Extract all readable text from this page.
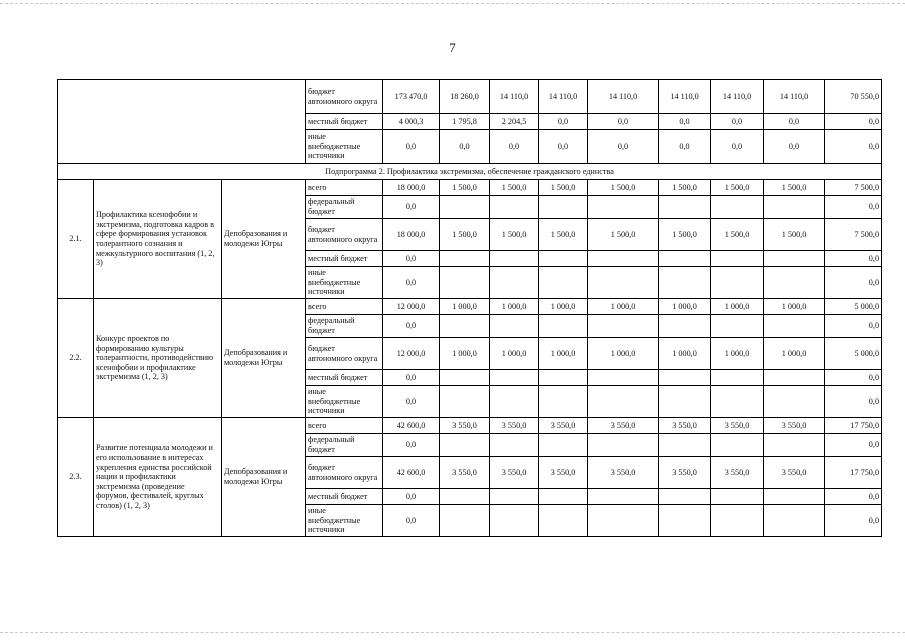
7
			бюджет автономного округа	173 470,0	18 260,0	14 110,0	14 110,0	14 110,0	14 110,0	14 110,0	14 110,0	70 550,0
			местный бюджет	4 000,3	1 795,8	2 204,5	0,0	0,0	0,0	0,0	0,0	0,0
			иные внебюджетные источники	0,0	0,0	0,0	0,0	0,0	0,0	0,0	0,0	0,0
Подпрограмма 2. Профилактика экстремизма, обеспечение гражданского единства												
2.1.	Профилактика ксенофобии и экстремизма, подготовка кадров в сфере формирования установок толерантного сознания и межкультурного воспитания (1, 2, 3)	Депобразования и молодежи Югры	всего	18 000,0	1 500,0	1 500,0	1 500,0	1 500,0	1 500,0	1 500,0	1 500,0	7 500,0
			федеральный бюджет	0,0								0,0
			бюджет автономного округа	18 000,0	1 500,0	1 500,0	1 500,0	1 500,0	1 500,0	1 500,0	1 500,0	7 500,0
			местный бюджет	0,0								0,0
			иные внебюджетные источники	0,0								0,0
2.2.	Конкурс проектов по формированию культуры толерантности, противодействию ксенофобии и профилактике экстремизма (1, 2, 3)	Депобразования и молодежи Югры	всего	12 000,0	1 000,0	1 000,0	1 000,0	1 000,0	1 000,0	1 000,0	1 000,0	5 000,0
			федеральный бюджет	0,0								0,0
			бюджет автономного округа	12 000,0	1 000,0	1 000,0	1 000,0	1 000,0	1 000,0	1 000,0	1 000,0	5 000,0
			местный бюджет	0,0								0,0
			иные внебюджетные источники	0,0								0,0
2.3.	Развитие потенциала молодежи и его использование в интересах укрепления единства российской нации и профилактики экстремизма (проведение форумов, фестивалей, круглых столов) (1, 2, 3)	Депобразования и молодежи Югры	всего	42 600,0	3 550,0	3 550,0	3 550,0	3 550,0	3 550,0	3 550,0	3 550,0	17 750,0
			федеральный бюджет	0,0								0,0
			бюджет автономного округа	42 600,0	3 550,0	3 550,0	3 550,0	3 550,0	3 550,0	3 550,0	3 550,0	17 750,0
			местный бюджет	0,0								0,0
			иные внебюджетные источники	0,0								0,0
